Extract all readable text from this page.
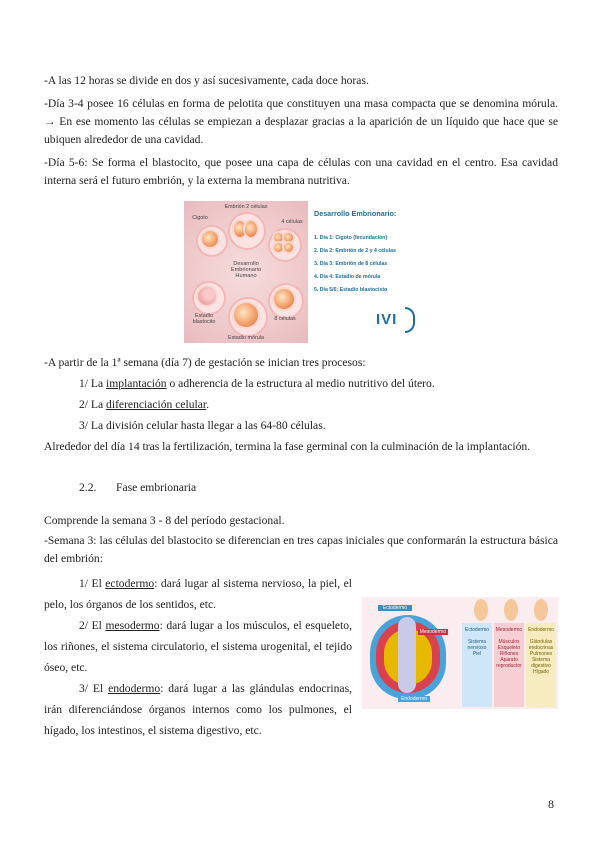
-A las 12 horas se divide en dos y así sucesivamente, cada doce horas.
-Día 3-4 posee 16 células en forma de pelotita que constituyen una masa compacta que se denomina mórula. → En ese momento las células se empiezan a desplazar gracias a la aparición de un líquido que hace que se ubiquen alrededor de una cavidad.
-Día 5-6: Se forma el blastocito, que posee una capa de células con una cavidad en el centro. Esa cavidad interna será el futuro embrión, y la externa la membrana nutritiva.
Embrión 2 células
Cigoto
4 células
Desarrollo Embrionario Humano
Estadio blastocito	8 células
Estadio mórula
Desarrollo Embrionario:
1. Día 1: Cigoto (fecundación)
2. Día 2: Embrión de 2 y 4 células
3. Día 3: Embrión de 8 células
4. Día 4: Estadio de mórula
5. Día 5/6: Estadio blastocisto
IVI
-A partir de la 1ª semana (día 7) de gestación se inician tres procesos:
1/ La implantación o adherencia de la estructura al medio nutritivo del útero.
2/ La diferenciación celular.
3/ La división celular hasta llegar a las 64-80 células.
Alrededor del día 14 tras la fertilización, termina la fase germinal con la culminación de la implantación.
2.2. Fase embrionaria
Comprende la semana 3 - 8 del período gestacional.
-Semana 3: las células del blastocito se diferencian en tres capas iniciales que conformarán la estructura básica del embrión:
1/ El ectodermo: dará lugar al sistema nervioso, la piel, el pelo, los órganos de los sentidos, etc.
2/ El mesodermo: dará lugar a los músculos, el esqueleto, los riñones, el sistema circulatorio, el sistema urogenital, el tejido óseo, etc.
3/ El endodermo: dará lugar a las glándulas endocrinas, irán diferenciándose órganos internos como los pulmones, el hígado, los intestinos, el sistema digestivo, etc.
Ectodermo
Mesodermo
Endodermo
Ectodermo
Sistema nervioso
Piel
Mesodermo
Músculos
Esqueleto
Riñones
Aparato reproductor
Endodermo
Glándulas endocrinas
Pulmones
Sistema digestivo
Hígado
8
